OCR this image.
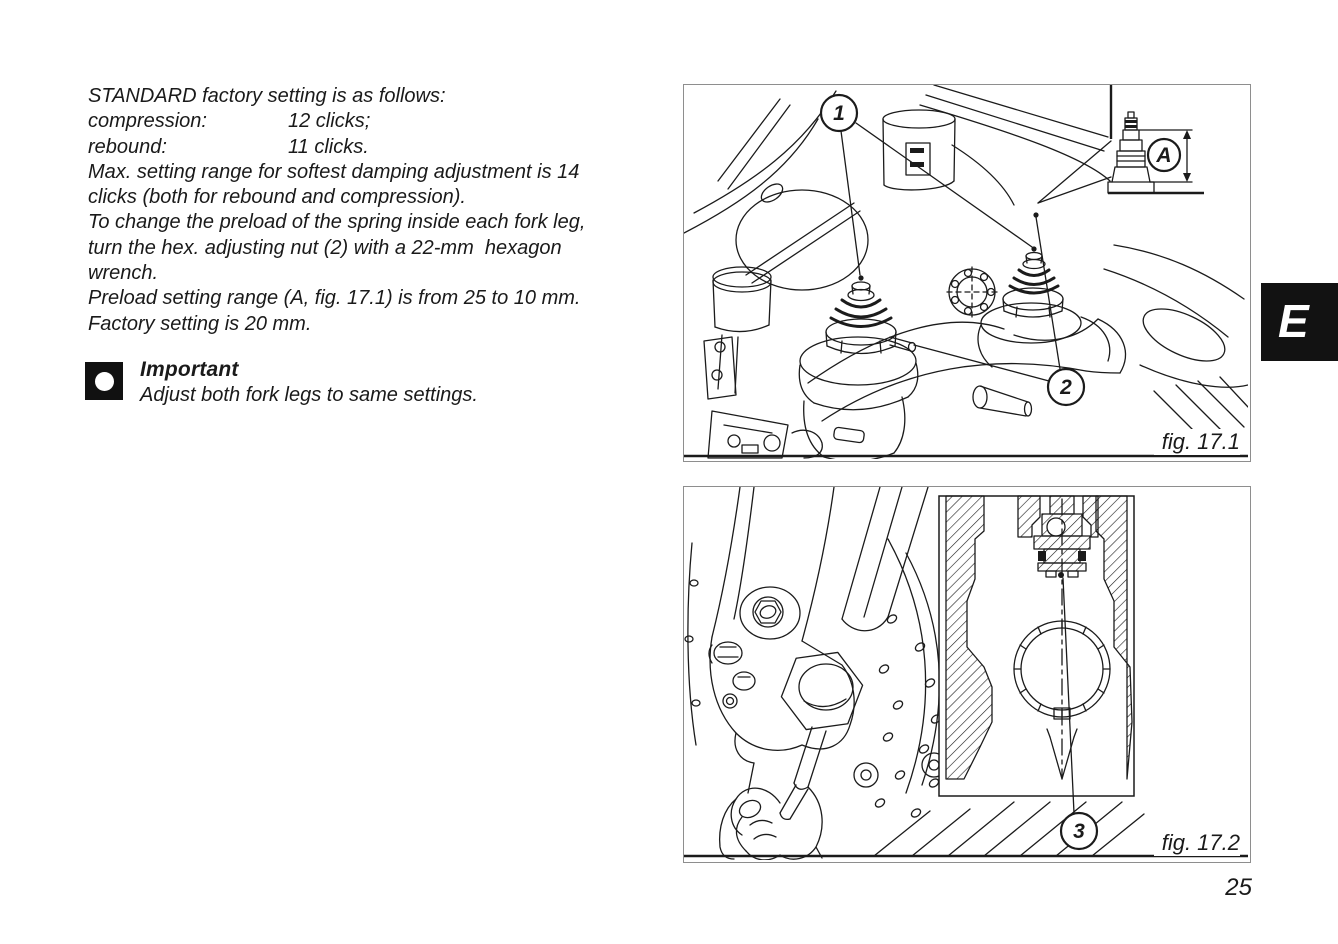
STANDARD factory setting is as follows:
compression:	12 clicks;
rebound:	11 clicks.
Max. setting range for softest damping adjustment is 14
clicks (both for rebound and compression).
To change the preload of the spring inside each fork leg,
turn the hex. adjusting nut (2) with a 22-mm  hexagon
wrench.
Preload setting range (A, fig. 17.1) is from 25 to 10 mm.
Factory setting is 20 mm.
Important
Adjust both fork legs to same settings.
A
1
2
fig. 17.1
3	fig. 17.2
E
25
